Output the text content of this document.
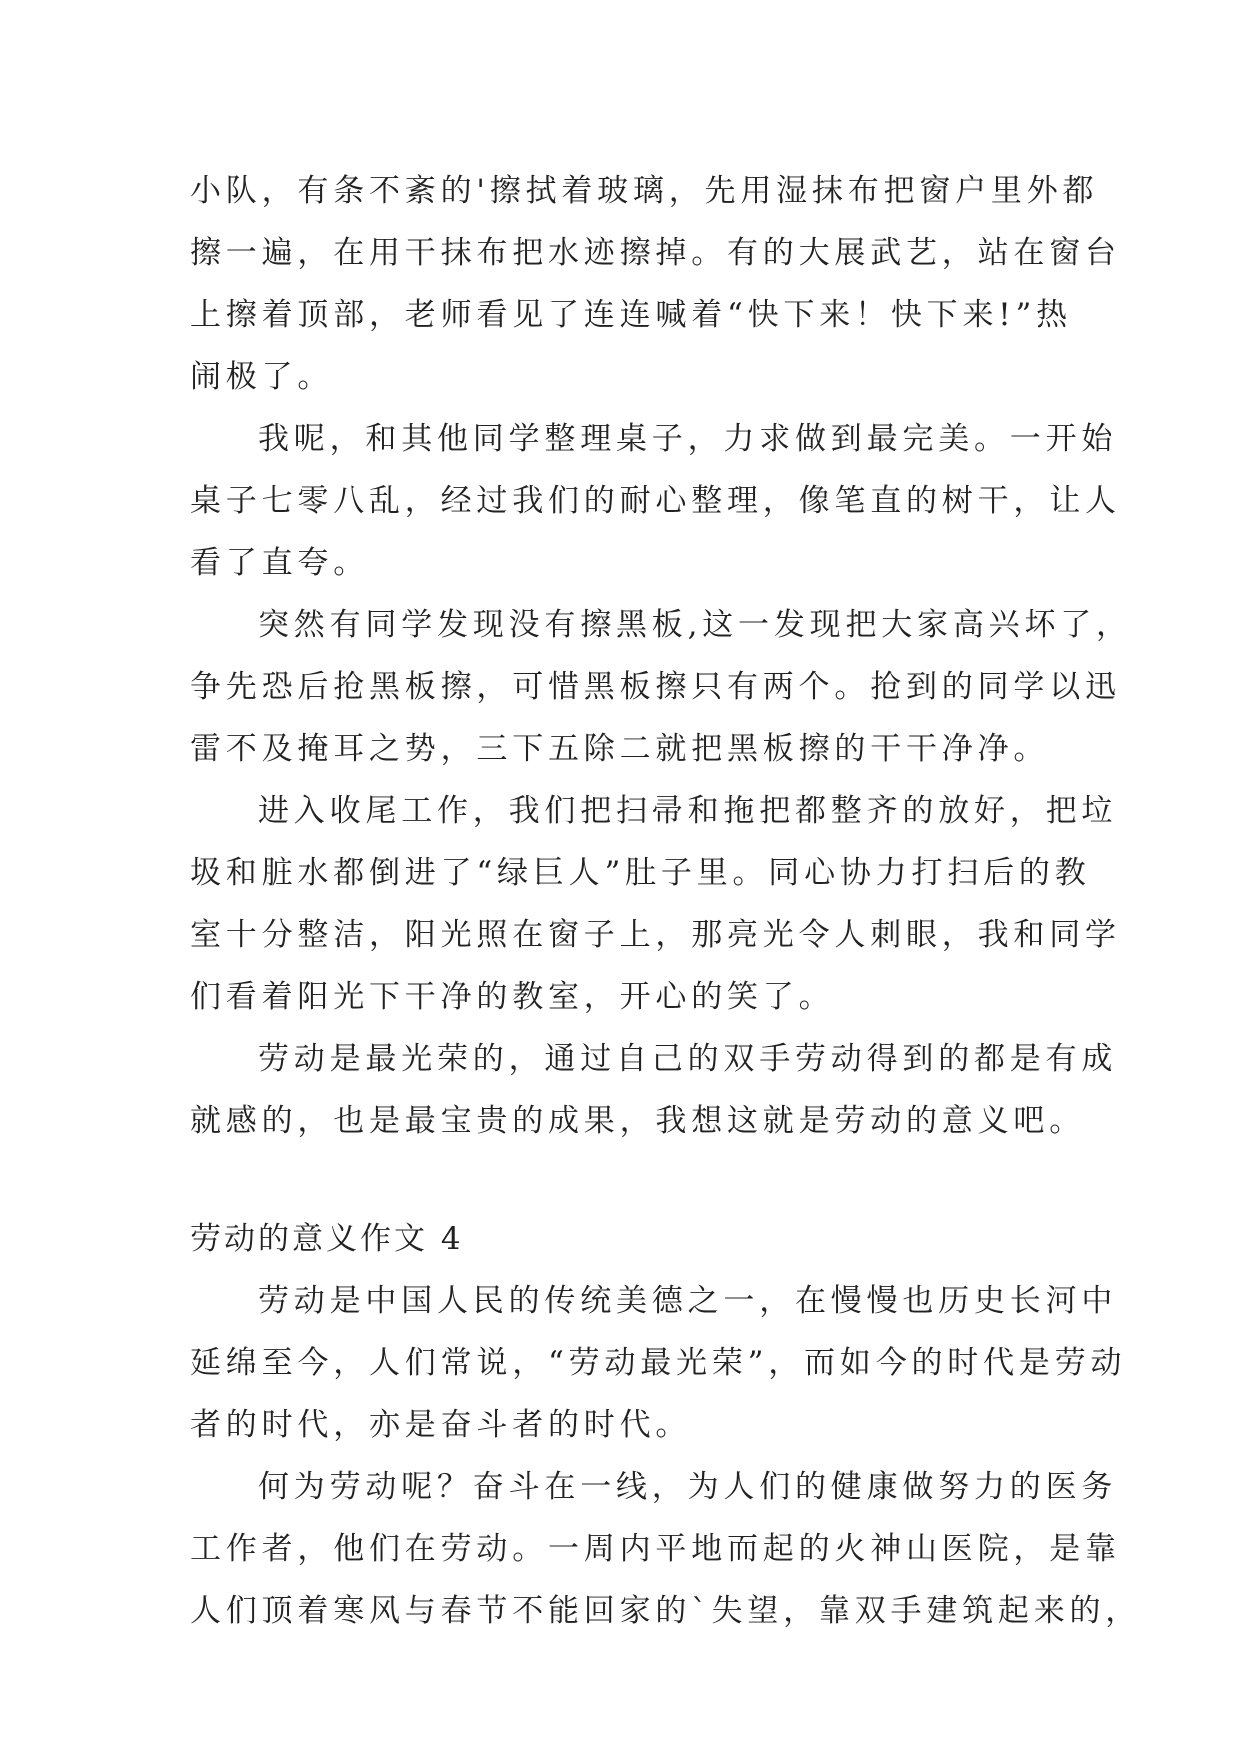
小队，有条不紊的'擦拭着玻璃，先用湿抹布把窗户里外都
擦一遍，在用干抹布把水迹擦掉。有的大展武艺，站在窗台
上擦着顶部，老师看见了连连喊着“快下来！快下来!”热
闹极了。
我呢，和其他同学整理桌子，力求做到最完美。一开始
桌子七零八乱，经过我们的耐心整理，像笔直的树干，让人
看了直夸。
突然有同学发现没有擦黑板,这一发现把大家高兴坏了，
争先恐后抢黑板擦，可惜黑板擦只有两个。抢到的同学以迅
雷不及掩耳之势，三下五除二就把黑板擦的干干净净。
进入收尾工作，我们把扫帚和拖把都整齐的放好，把垃
圾和脏水都倒进了“绿巨人”肚子里。同心协力打扫后的教
室十分整洁，阳光照在窗子上，那亮光令人刺眼，我和同学
们看着阳光下干净的教室，开心的笑了。
劳动是最光荣的，通过自己的双手劳动得到的都是有成
就感的，也是最宝贵的成果，我想这就是劳动的意义吧。
劳动的意义作文 4
劳动是中国人民的传统美德之一，在慢慢也历史长河中
延绵至今，人们常说，“劳动最光荣”，而如今的时代是劳动
者的时代，亦是奋斗者的时代。
何为劳动呢？奋斗在一线，为人们的健康做努力的医务
工作者，他们在劳动。一周内平地而起的火神山医院，是靠
人们顶着寒风与春节不能回家的`失望，靠双手建筑起来的，
